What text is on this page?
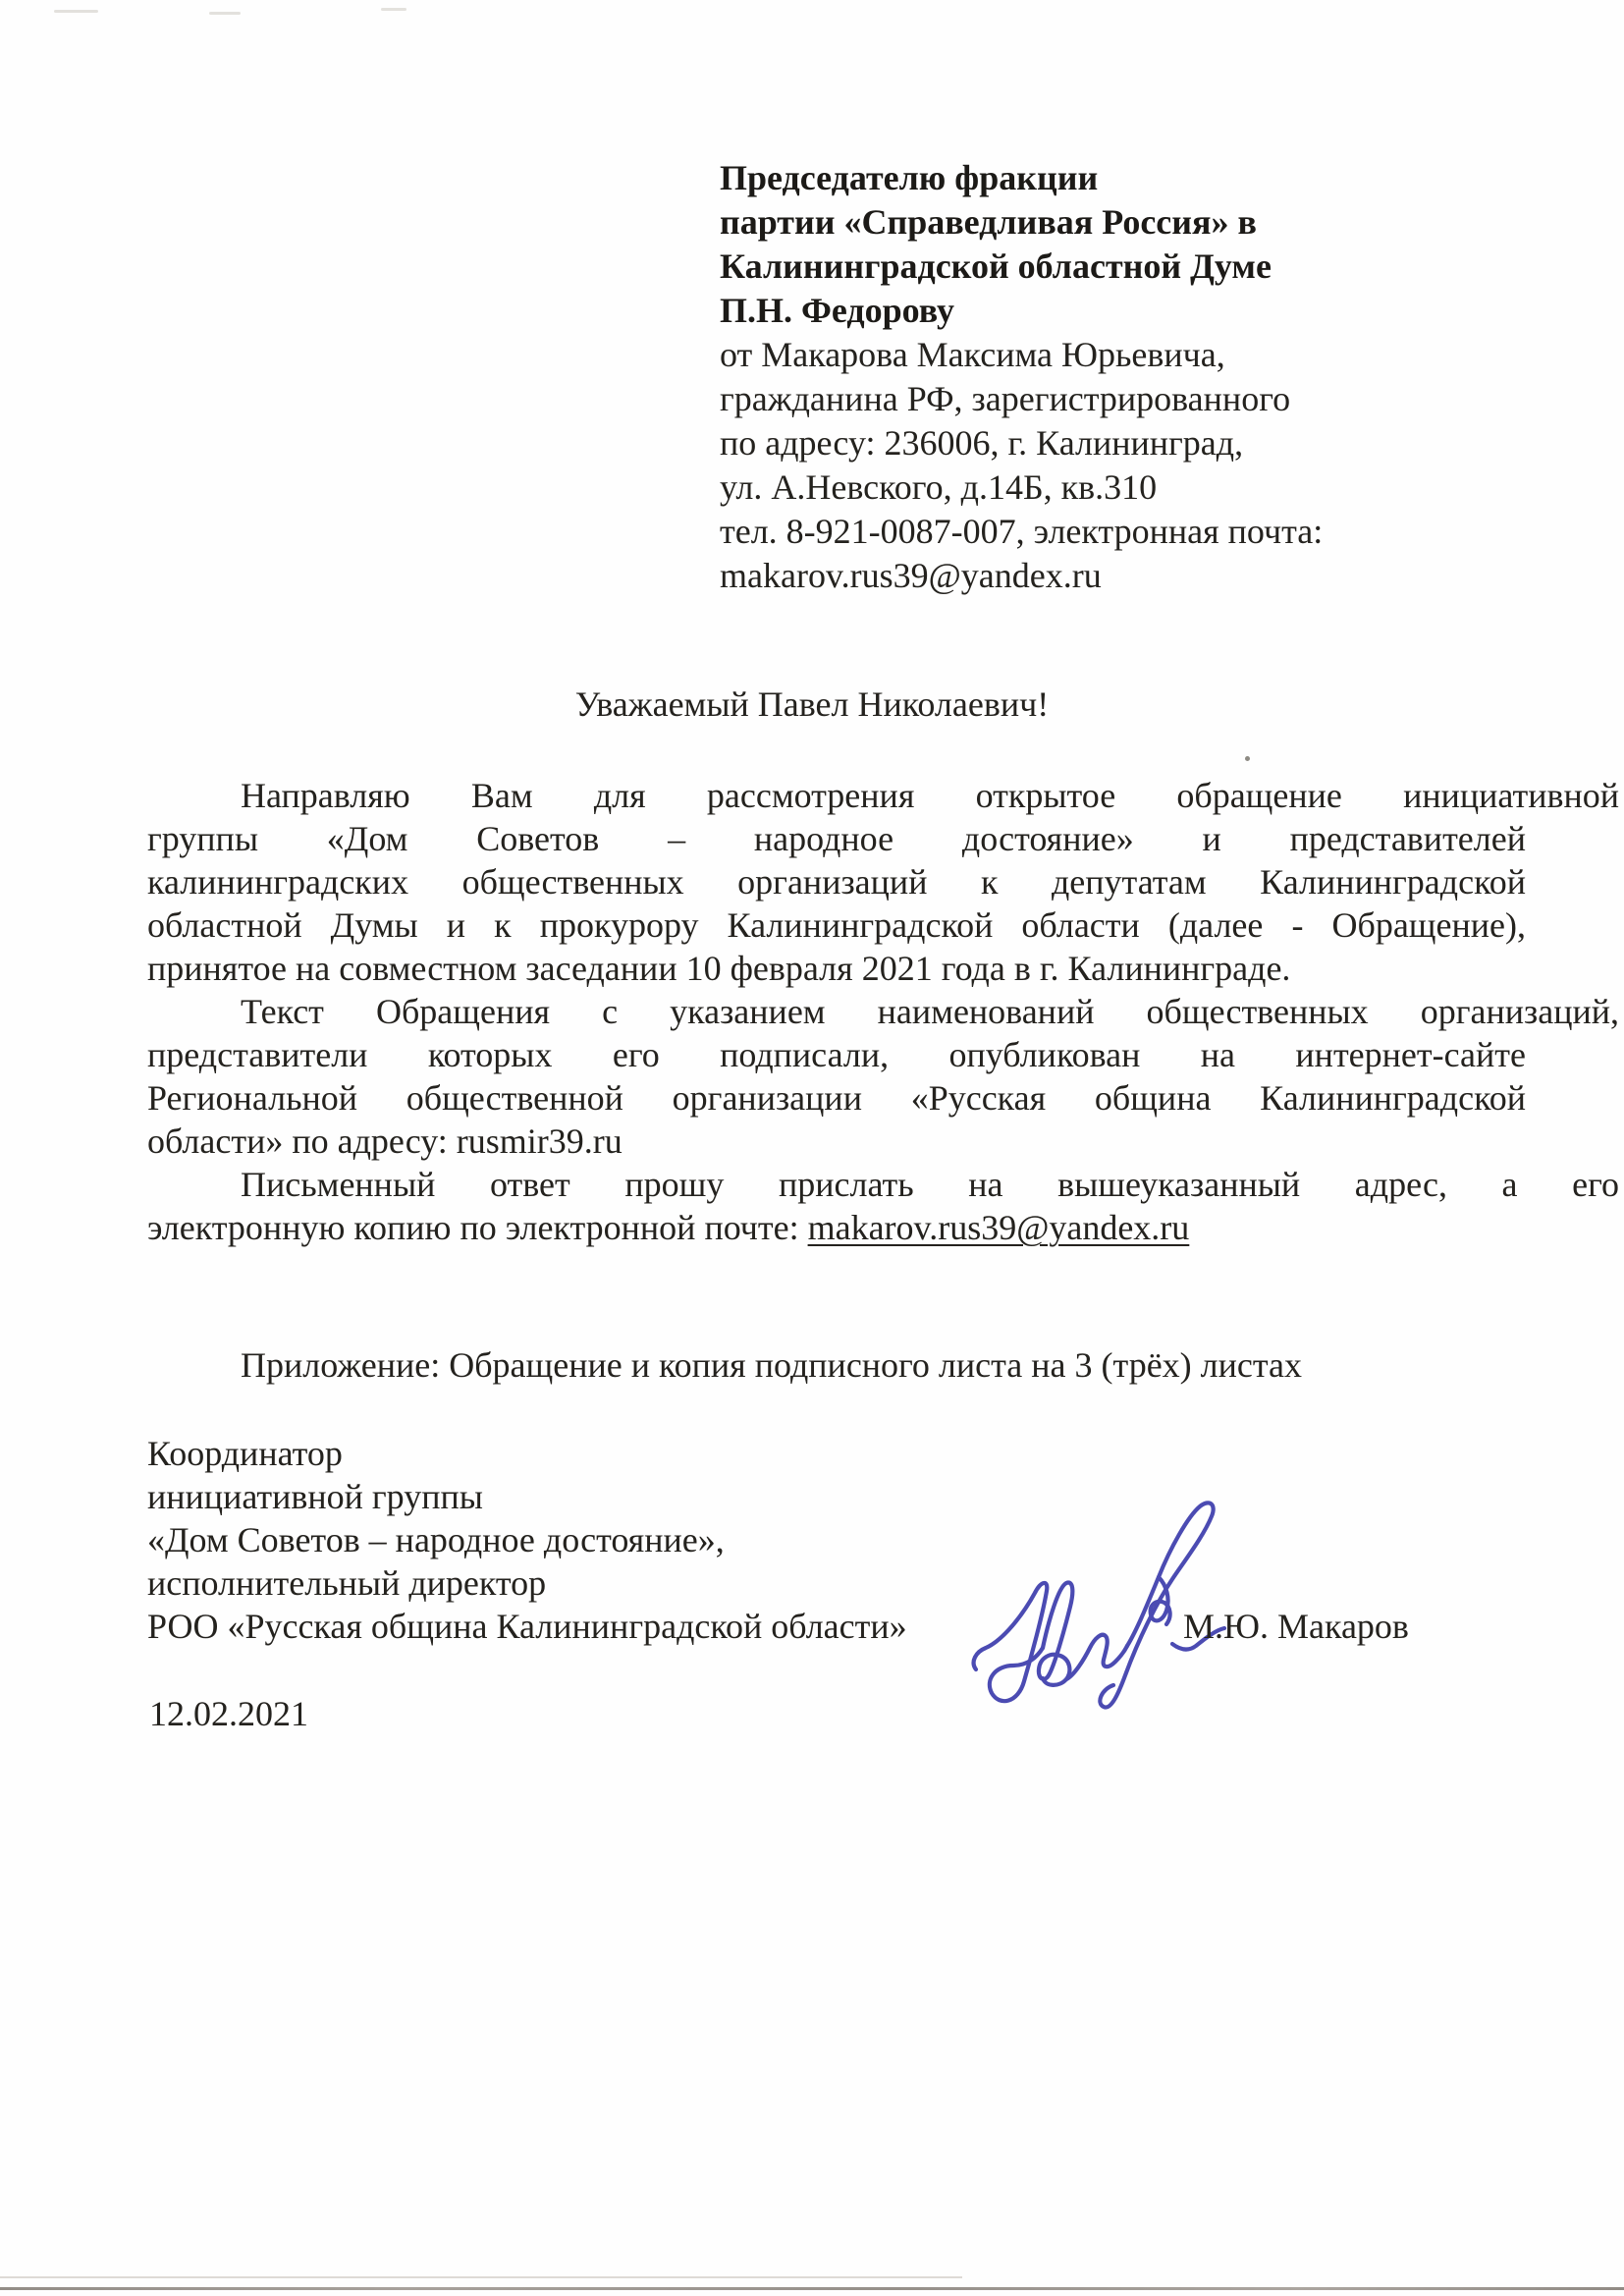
Председателю фракции
партии «Справедливая Россия» в
Калининградской областной Думе
П.Н. Федорову
от Макарова Максима Юрьевича,
гражданина РФ, зарегистрированного
по адресу: 236006, г. Калининград,
ул. А.Невского, д.14Б, кв.310
тел. 8-921-0087-007, электронная почта:
makarov.rus39@yandex.ru
Уважаемый Павел Николаевич!
Направляю Вам для рассмотрения открытое обращение инициативной
группы «Дом Советов – народное достояние» и представителей
калининградских общественных организаций к депутатам Калининградской
областной Думы и к прокурору Калининградской области (далее - Обращение),
принятое на совместном заседании 10 февраля 2021 года в г. Калининграде.
Текст Обращения с указанием наименований общественных организаций,
представители которых его подписали, опубликован на интернет-сайте
Региональной общественной организации «Русская община Калининградской
области» по адресу: rusmir39.ru
Письменный ответ прошу прислать на вышеуказанный адрес, а его
электронную копию по электронной почте: makarov.rus39@yandex.ru
Приложение: Обращение и копия подписного листа на 3 (трёх) листах
Координатор
инициативной группы
«Дом Советов – народное достояние»,
исполнительный директор
РОО «Русская община Калининградской области»	М.Ю. Макаров
12.02.2021
